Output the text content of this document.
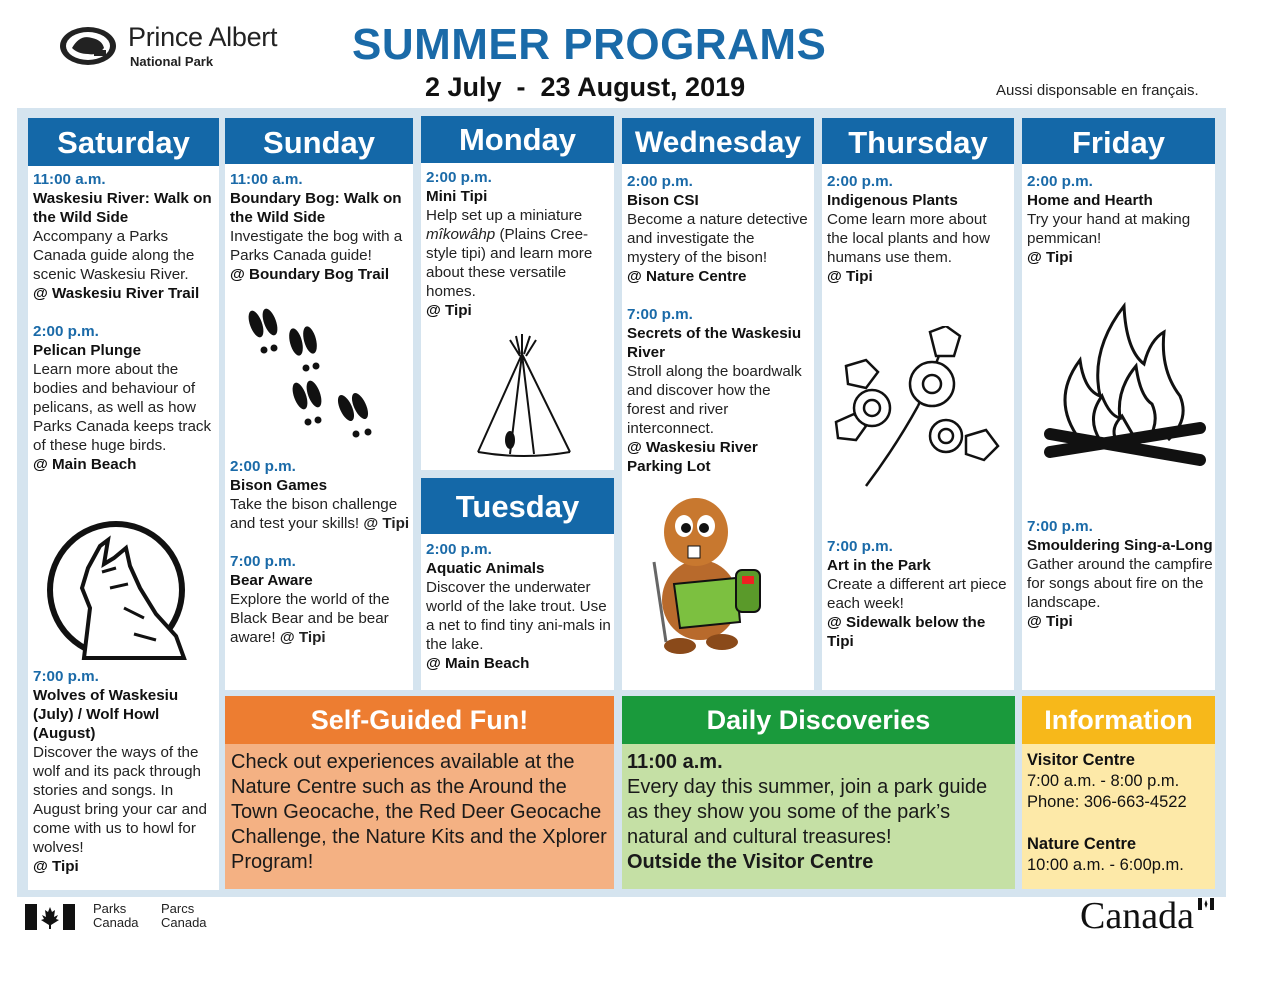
Prince Albert
National Park	SUMMER PROGRAMS
2 July  -  23 August, 2019	Aussi disponsable en français.
Saturday
11:00 a.m.
Waskesiu River: Walk on the Wild Side
Accompany a Parks Canada guide along the scenic Waskesiu River.
@ Waskesiu River Trail
2:00 p.m.
Pelican Plunge
Learn more about the bodies and behaviour of pelicans, as well as how Parks Canada keeps track of these huge birds.
@ Main Beach
7:00 p.m.
Wolves of Waskesiu (July) / Wolf Howl (August)
Discover the ways of the wolf and its pack through stories and songs. In August bring your car and come with us to howl for wolves!
@ Tipi
Sunday
11:00 a.m.
Boundary Bog: Walk on the Wild Side
Investigate the bog with a Parks Canada guide!
@ Boundary Bog Trail
2:00 p.m.
Bison Games
Take the bison challenge and test your skills! @ Tipi
7:00 p.m.
Bear Aware
Explore the world of the Black Bear and be bear aware! @ Tipi
Monday
2:00 p.m.
Mini Tipi
Help set up a miniature mîkowâhp (Plains Cree-style tipi) and learn more about these versatile homes.
@ Tipi
Tuesday
2:00 p.m.
Aquatic Animals
Discover the underwater world of the lake trout. Use a net to find tiny ani-mals in the lake.
@ Main Beach
Wednesday
2:00 p.m.
Bison CSI
Become a nature detective and investigate the mystery of the bison!
@ Nature Centre
7:00 p.m.
Secrets of the Waskesiu River
Stroll along the boardwalk and discover how the forest and river interconnect.
@ Waskesiu River Parking Lot
Thursday
2:00 p.m.
Indigenous Plants
Come learn more about the local plants and how humans use them.
@ Tipi
7:00 p.m.
Art in the Park
Create a different art piece each week!
@ Sidewalk below the Tipi
Friday
2:00 p.m.
Home and Hearth
Try your hand at making pemmican!
@ Tipi
7:00 p.m.
Smouldering Sing-a-Long
Gather around the campfire for songs about fire on the landscape.
@ Tipi
Self-Guided Fun!
Check out experiences available at the Nature Centre such as the Around the Town Geocache, the Red Deer Geocache Challenge, the Nature Kits and the Xplorer Program!
Daily Discoveries
11:00 a.m.
Every day this summer, join a park guide as they show you some of the park’s natural and cultural treasures!
Outside the Visitor Centre
Information
Visitor Centre
7:00 a.m. - 8:00 p.m.
Phone: 306-663-4522
Nature Centre
10:00 a.m. - 6:00p.m.
Parks
Canada
Parcs
Canada	Canada
